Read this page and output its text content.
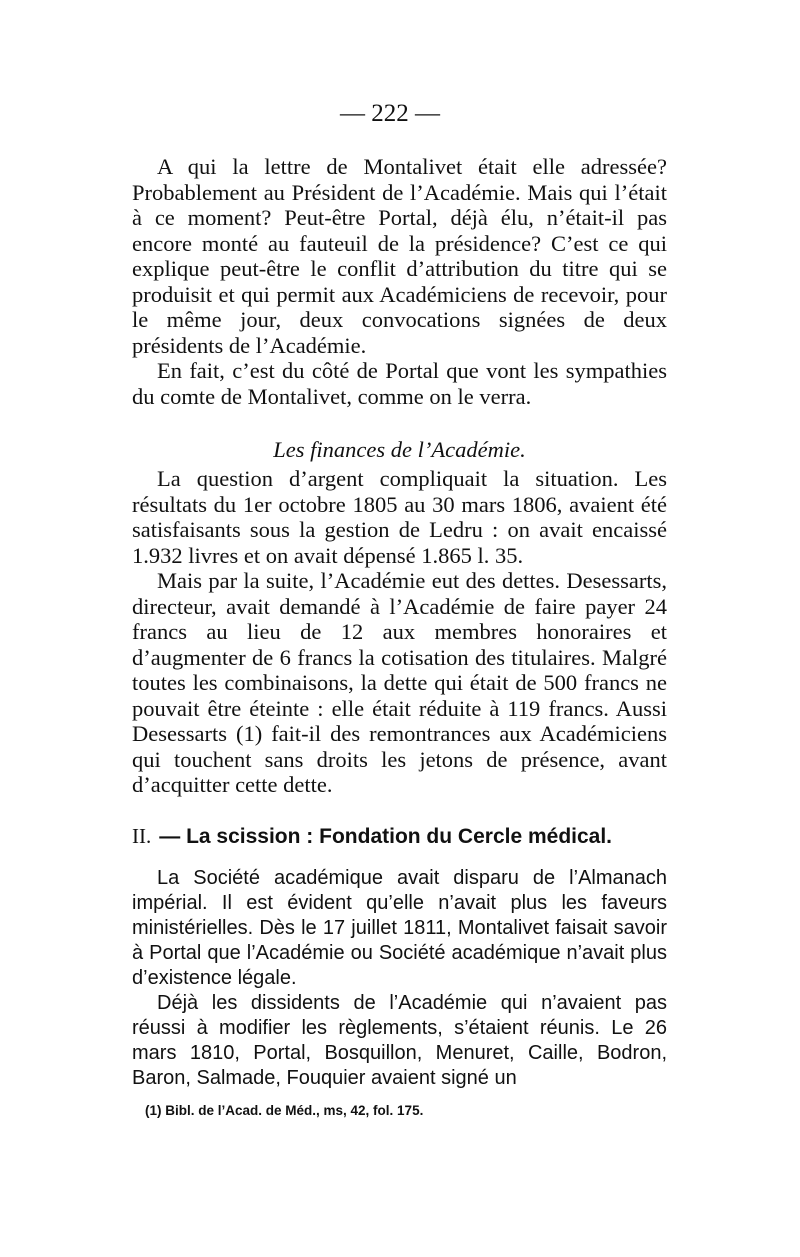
— 222 —

A qui la lettre de Montalivet était elle adressée? Probablement au Président de l’Académie. Mais qui l’était à ce moment? Peut-être Portal, déjà élu, n’était-il pas encore monté au fauteuil de la présidence? C’est ce qui explique peut-être le conflit d’attribution du titre qui se produisit et qui permit aux Académiciens de recevoir, pour le même jour, deux convocations signées de deux présidents de l’Académie.

En fait, c’est du côté de Portal que vont les sympathies du comte de Montalivet, comme on le verra.

Les finances de l’Académie.

La question d’argent compliquait la situation. Les résultats du 1er octobre 1805 au 30 mars 1806, avaient été satisfaisants sous la gestion de Ledru : on avait encaissé 1.932 livres et on avait dépensé 1.865 l. 35.

Mais par la suite, l’Académie eut des dettes. Desessarts, directeur, avait demandé à l’Académie de faire payer 24 francs au lieu de 12 aux membres honoraires et d’augmenter de 6 francs la cotisation des titulaires. Malgré toutes les combinaisons, la dette qui était de 500 francs ne pouvait être éteinte : elle était réduite à 119 francs. Aussi Desessarts (1) fait-il des remontrances aux Académiciens qui touchent sans droits les jetons de présence, avant d’acquitter cette dette.

II. — La scission : Fondation du Cercle médical.

La Société académique avait disparu de l’Almanach impérial. Il est évident qu’elle n’avait plus les faveurs ministérielles. Dès le 17 juillet 1811, Montalivet faisait savoir à Portal que l’Académie ou Société académique n’avait plus d’existence légale.

Déjà les dissidents de l’Académie qui n’avaient pas réussi à modifier les règlements, s’étaient réunis. Le 26 mars 1810, Portal, Bosquillon, Menuret, Caille, Bodron, Baron, Salmade, Fouquier avaient signé un

(1) Bibl. de l’Acad. de Méd., ms, 42, fol. 175.
